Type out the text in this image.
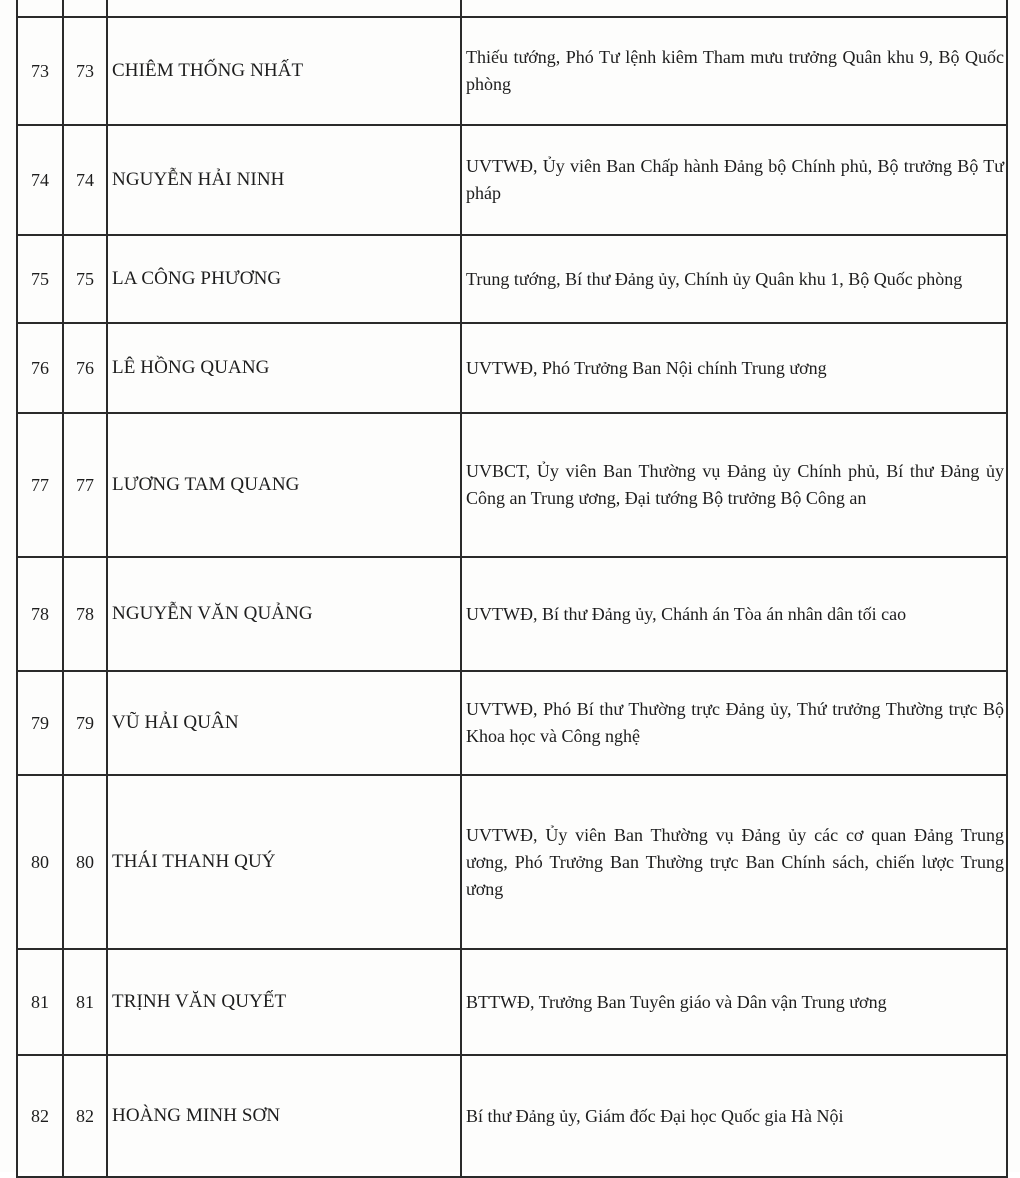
73	73	CHIÊM THỐNG NHẤT	Thiếu tướng, Phó Tư lệnh kiêm Tham mưu trưởng Quân khu 9, Bộ Quốc phòng
74	74	NGUYỄN HẢI NINH	UVTWĐ, Ủy viên Ban Chấp hành Đảng bộ Chính phủ, Bộ trưởng Bộ Tư pháp
75	75	LA CÔNG PHƯƠNG	Trung tướng, Bí thư Đảng ủy, Chính ủy Quân khu 1, Bộ Quốc phòng
76	76	LÊ HỒNG QUANG	UVTWĐ, Phó Trưởng Ban Nội chính Trung ương
77	77	LƯƠNG TAM QUANG	UVBCT, Ủy viên Ban Thường vụ Đảng ủy Chính phủ, Bí thư Đảng ủy Công an Trung ương, Đại tướng Bộ trưởng Bộ Công an
78	78	NGUYỄN VĂN QUẢNG	UVTWĐ, Bí thư Đảng ủy, Chánh án Tòa án nhân dân tối cao
79	79	VŨ HẢI QUÂN	UVTWĐ, Phó Bí thư Thường trực Đảng ủy, Thứ trưởng Thường trực Bộ Khoa học và Công nghệ
80	80	THÁI THANH QUÝ	UVTWĐ, Ủy viên Ban Thường vụ Đảng ủy các cơ quan Đảng Trung ương, Phó Trưởng Ban Thường trực Ban Chính sách, chiến lược Trung ương
81	81	TRỊNH VĂN QUYẾT	BTTWĐ, Trưởng Ban Tuyên giáo và Dân vận Trung ương
82	82	HOÀNG MINH SƠN	Bí thư Đảng ủy, Giám đốc Đại học Quốc gia Hà Nội
